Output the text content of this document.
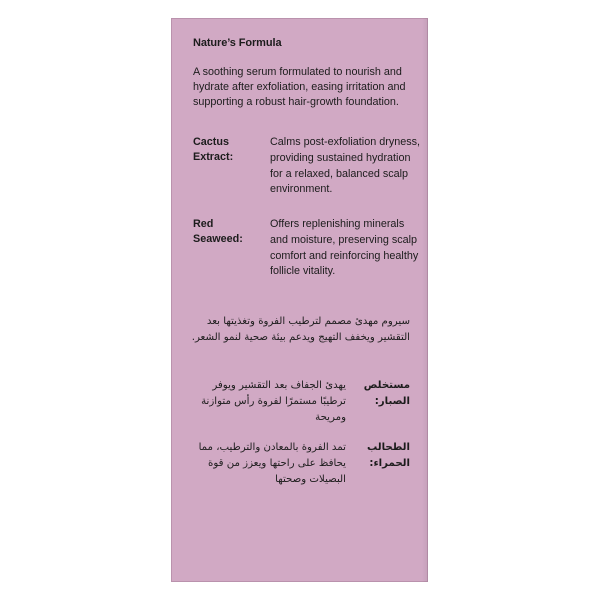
Nature’s Formula
A soothing serum formulated to nourish and hydrate after exfoliation, easing irritation and supporting a robust hair-growth foundation.
Cactus Extract:
Calms post-exfoliation dryness, providing sustained hydration for a relaxed, balanced scalp environment.
Red Seaweed:
Offers replenishing minerals and moisture, preserving scalp comfort and reinforcing healthy follicle vitality.
سيروم مهدئ مصمم لترطيب الفروة وتغذيتها بعد التقشير ويخفف التهيج ويدعم بيئة صحية لنمو الشعر.
مستخلص الصبار:
يهدئ الجفاف بعد التقشير ويوفر ترطيبًا مستمرًا لفروة رأس متوازنة ومريحة
الطحالب الحمراء:
تمد الفروة بالمعادن والترطيب، مما يحافظ على راحتها ويعزز من قوة البصيلات وصحتها
